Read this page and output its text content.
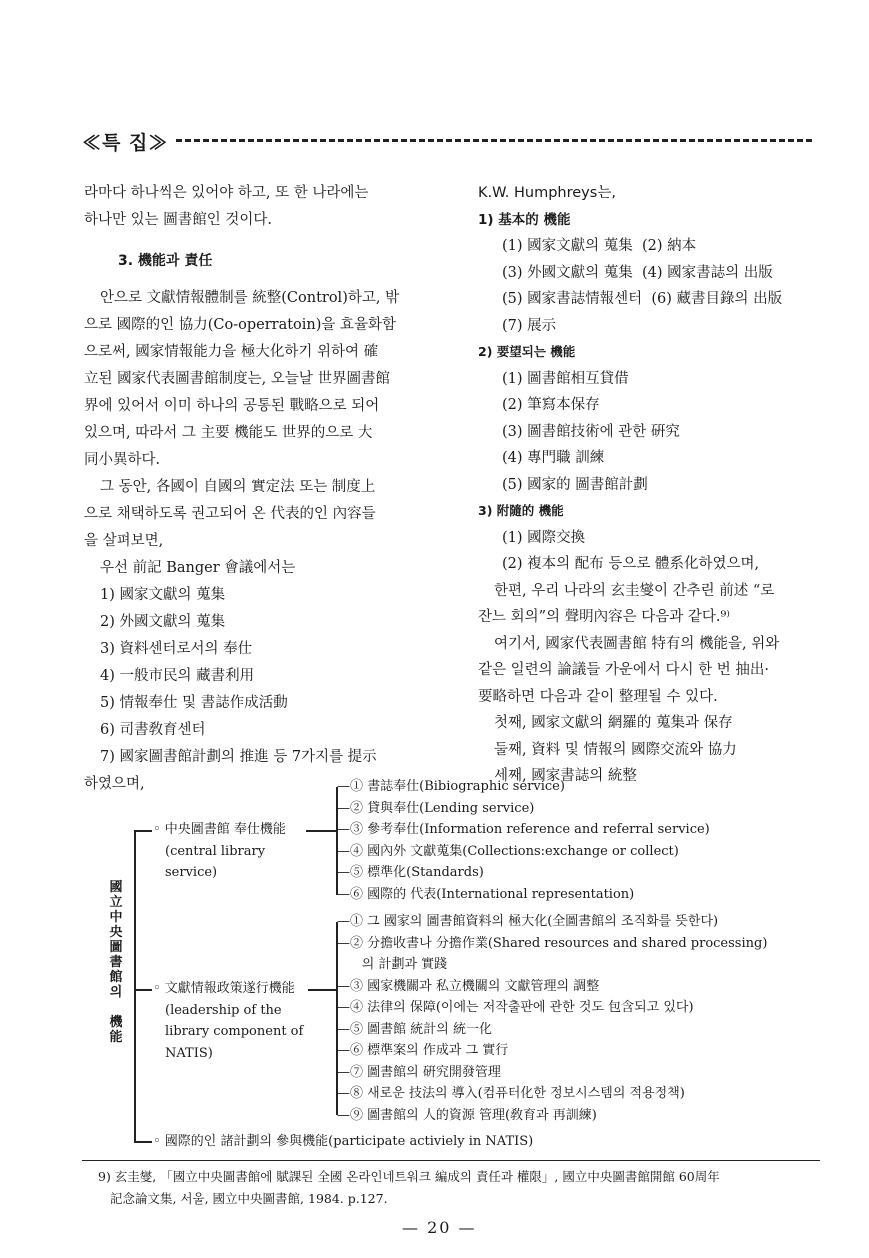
≪특 집≫

라마다 하나씩은 있어야 하고, 또 한 나라에는

하나만 있는 圖書館인 것이다.

3. 機能과 責任

안으로 文獻情報體制를 統整(Control)하고, 밖

으로 國際的인 協力(Co-operratoin)을 효율화함

으로써, 國家情報能力을 極大化하기 위하여 確

立된 國家代表圖書館制度는, 오늘날 世界圖書館

界에 있어서 이미 하나의 공통된 戰略으로 되어

있으며, 따라서 그 主要 機能도 世界的으로 大

同小異하다.

그 동안, 各國이 自國의 實定法 또는 制度上

으로 채택하도록 권고되어 온 代表的인 內容들

을 살펴보면,

우선 前記 Banger 會議에서는

1) 國家文獻의 蒐集

2) 外國文獻의 蒐集

3) 資料센터로서의 奉仕

4) 一般市民의 藏書利用

5) 情報奉仕 및 書誌作成活動

6) 司書敎育센터

7) 國家圖書館計劃의 推進 등 7가지를 提示

하였으며,

K.W. Humphreys는,

1) 基本的 機能

(1) 國家文獻의 蒐集  (2) 納本

(3) 外國文獻의 蒐集  (4) 國家書誌의 出版

(5) 國家書誌情報센터  (6) 藏書目錄의 出版

(7) 展示

2) 要望되는 機能

(1) 圖書館相互貸借

(2) 筆寫本保存

(3) 圖書館技術에 관한 硏究

(4) 專門職 訓練

(5) 國家的 圖書館計劃

3) 附隨的 機能

(1) 國際交換

(2) 複本의 配布 등으로 體系化하였으며,

한편, 우리 나라의 玄圭燮이 간추린 前述 “로

잔느 회의”의 聲明內容은 다음과 같다.⁹⁾

여기서, 國家代表圖書館 特有의 機能을, 위와

같은 일련의 論議들 가운에서 다시 한 번 抽出·

要略하면 다음과 같이 整理될 수 있다.

첫째, 國家文獻의 網羅的 蒐集과 保存

둘째, 資料 및 情報의 國際交流와 協力

세째, 國家書誌의 統整

國
立
中
央
圖
書
館
의

機
能
◦ 中央圖書館 奉仕機能
(central library
service)
—① 書誌奉仕(Bibiographic service)
—② 貸與奉仕(Lending service)
—③ 參考奉仕(Information reference and referral service)
—④ 國內外 文獻蒐集(Collections:exchange or collect)
—⑤ 標準化(Standards)
—⑥ 國際的 代表(International representation)
◦ 文獻情報政策遂行機能
(leadership of the
library component of
NATIS)
—① 그 國家의 圖書館資料의 極大化(全圖書館의 조직화를 뜻한다)
—② 分擔收書나 分擔作業(Shared resources and shared processing)
의 計劃과 實踐
—③ 國家機關과 私立機關의 文獻管理의 調整
—④ 法律의 保障(이에는 저작출판에 관한 것도 包含되고 있다)
—⑤ 圖書館 統計의 統一化
—⑥ 標準案의 作成과 그 實行
—⑦ 圖書館의 硏究開發管理
—⑧ 새로운 技法의 導入(컴퓨터化한 정보시스템의 적용정책)
—⑨ 圖書館의 人的資源 管理(敎育과 再訓練)
◦ 國際的인 諸計劃의 參與機能(participate activiely in NATIS)

9) 玄圭燮, 「國立中央圖書館에 賦課된 全國 온라인네트워크 編成의 責任과 權限」, 國立中央圖書館開館 60周年

記念論文集, 서울, 國立中央圖書館, 1984. p.127.

— 20 —
